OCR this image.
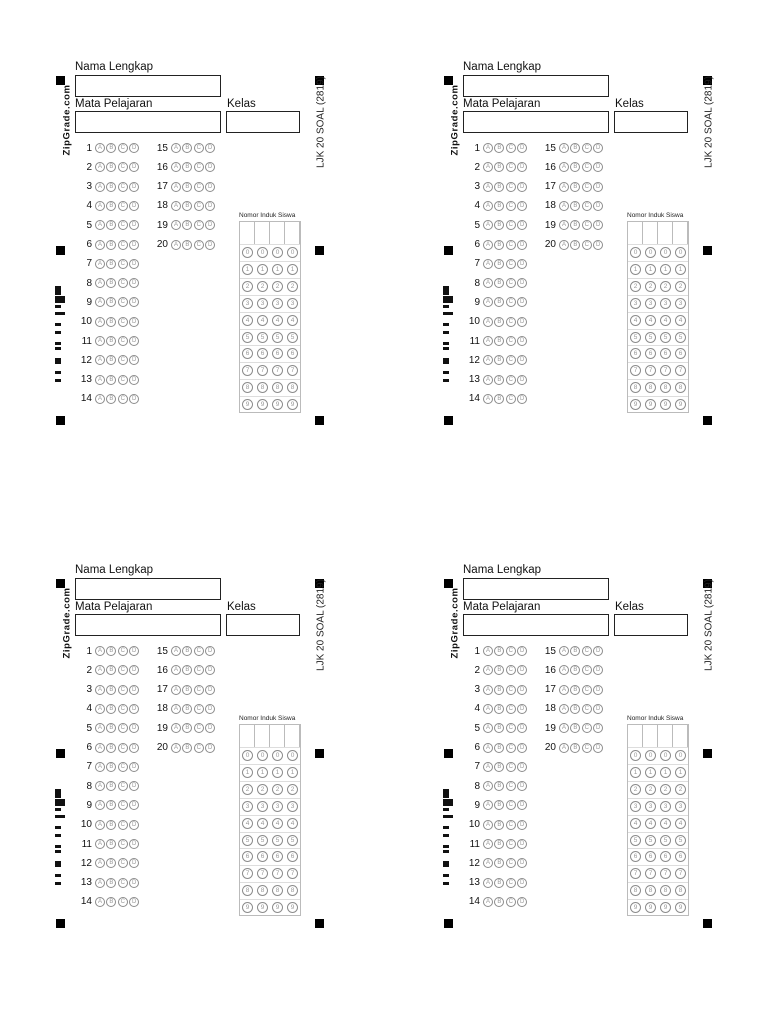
Nama Lengkap
Mata Pelajaran	Kelas
ZipGrade.com	LJK 20 SOAL (2819)
1 A	B	C	D
2 A	B	C	D
3 A	B	C	D
4 A	B	C	D
5 A	B	C	D
6 A	B	C	D
7 A	B	C	D
8 A	B	C	D
9 A	B	C	D
10 A	B	C	D
11 A	B	C	D
12 A	B	C	D
13 A	B	C	D
14 A	B	C	D
15 A	B	C	D
16 A	B	C	D
17 A	B	C	D
18 A	B	C	D
19 A	B	C	D
20 A	B	C	D
Nomor Induk Siswa
0	0	0	0
1	1	1	1
2	2	2	2
3	3	3	3
4	4	4	4
5	5	5	5
6	6	6	6
7	7	7	7
8	8	8	8
9	9	9	9
Nama Lengkap
Mata Pelajaran	Kelas
ZipGrade.com	LJK 20 SOAL (2819)
1 A	B	C	D
2 A	B	C	D
3 A	B	C	D
4 A	B	C	D
5 A	B	C	D
6 A	B	C	D
7 A	B	C	D
8 A	B	C	D
9 A	B	C	D
10 A	B	C	D
11 A	B	C	D
12 A	B	C	D
13 A	B	C	D
14 A	B	C	D
15 A	B	C	D
16 A	B	C	D
17 A	B	C	D
18 A	B	C	D
19 A	B	C	D
20 A	B	C	D
Nomor Induk Siswa
0	0	0	0
1	1	1	1
2	2	2	2
3	3	3	3
4	4	4	4
5	5	5	5
6	6	6	6
7	7	7	7
8	8	8	8
9	9	9	9
Nama Lengkap
Mata Pelajaran	Kelas
ZipGrade.com	LJK 20 SOAL (2819)
1 A	B	C	D
2 A	B	C	D
3 A	B	C	D
4 A	B	C	D
5 A	B	C	D
6 A	B	C	D
7 A	B	C	D
8 A	B	C	D
9 A	B	C	D
10 A	B	C	D
11 A	B	C	D
12 A	B	C	D
13 A	B	C	D
14 A	B	C	D
15 A	B	C	D
16 A	B	C	D
17 A	B	C	D
18 A	B	C	D
19 A	B	C	D
20 A	B	C	D
Nomor Induk Siswa
0	0	0	0
1	1	1	1
2	2	2	2
3	3	3	3
4	4	4	4
5	5	5	5
6	6	6	6
7	7	7	7
8	8	8	8
9	9	9	9
Nama Lengkap
Mata Pelajaran	Kelas
ZipGrade.com	LJK 20 SOAL (2819)
1 A	B	C	D
2 A	B	C	D
3 A	B	C	D
4 A	B	C	D
5 A	B	C	D
6 A	B	C	D
7 A	B	C	D
8 A	B	C	D
9 A	B	C	D
10 A	B	C	D
11 A	B	C	D
12 A	B	C	D
13 A	B	C	D
14 A	B	C	D
15 A	B	C	D
16 A	B	C	D
17 A	B	C	D
18 A	B	C	D
19 A	B	C	D
20 A	B	C	D
Nomor Induk Siswa
0	0	0	0
1	1	1	1
2	2	2	2
3	3	3	3
4	4	4	4
5	5	5	5
6	6	6	6
7	7	7	7
8	8	8	8
9	9	9	9
